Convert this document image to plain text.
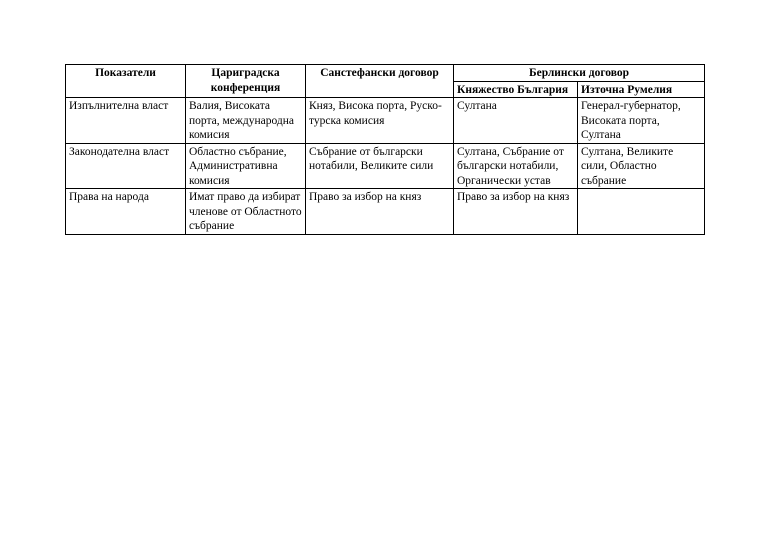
Показатели	Цариградска конференция	Санстефански договор	Берлински договор	
			Княжество България	Източна Румелия
Изпълнителна власт	Валия, Високата порта, международна комисия	Княз, Висока порта, Руско-турска комисия	Султана	Генерал-губернатор, Високата порта, Султана
Законодателна власт	Областно събрание, Административна комисия	Събрание от български нотабили, Великите сили	Султана, Събрание от български нотабили, Органически устав	Султана, Великите сили, Областно събрание
Права на народа	Имат право да избират членове от Областното събрание	Право за избор на княз	Право за избор на княз	
